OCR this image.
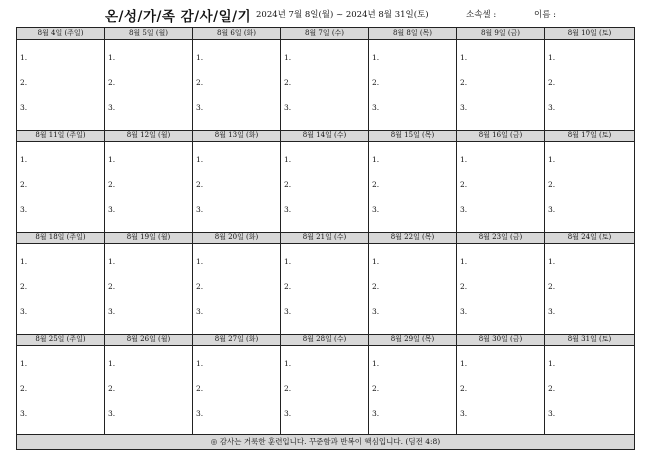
온/성/가/족 감/사/일/기 2024년 7월 8일(월) ~ 2024년 8월 31일(토)	소속셀 :	이름 :
8월 4일 (주일)
1.
2.
3.
8월 5일 (월)
1.
2.
3.
8월 6일 (화)
1.
2.
3.
8월 7일 (수)
1.
2.
3.
8월 8일 (목)
1.
2.
3.
8월 9일 (금)
1.
2.
3.
8월 10일 (토)
1.
2.
3.
8월 11일 (주일)
1.
2.
3.
8월 12일 (월)
1.
2.
3.
8월 13일 (화)
1.
2.
3.
8월 14일 (수)
1.
2.
3.
8월 15일 (목)
1.
2.
3.
8월 16일 (금)
1.
2.
3.
8월 17일 (토)
1.
2.
3.
8월 18일 (주일)
1.
2.
3.
8월 19일 (월)
1.
2.
3.
8월 20일 (화)
1.
2.
3.
8월 21일 (수)
1.
2.
3.
8월 22일 (목)
1.
2.
3.
8월 23일 (금)
1.
2.
3.
8월 24일 (토)
1.
2.
3.
8월 25일 (주일)
1.
2.
3.
8월 26일 (월)
1.
2.
3.
8월 27일 (화)
1.
2.
3.
8월 28일 (수)
1.
2.
3.
8월 29일 (목)
1.
2.
3.
8월 30일 (금)
1.
2.
3.
8월 31일 (토)
1.
2.
3.
◎ 감사는 거룩한 훈련입니다. 꾸준함과 반복이 핵심입니다. (딤전 4:8)
